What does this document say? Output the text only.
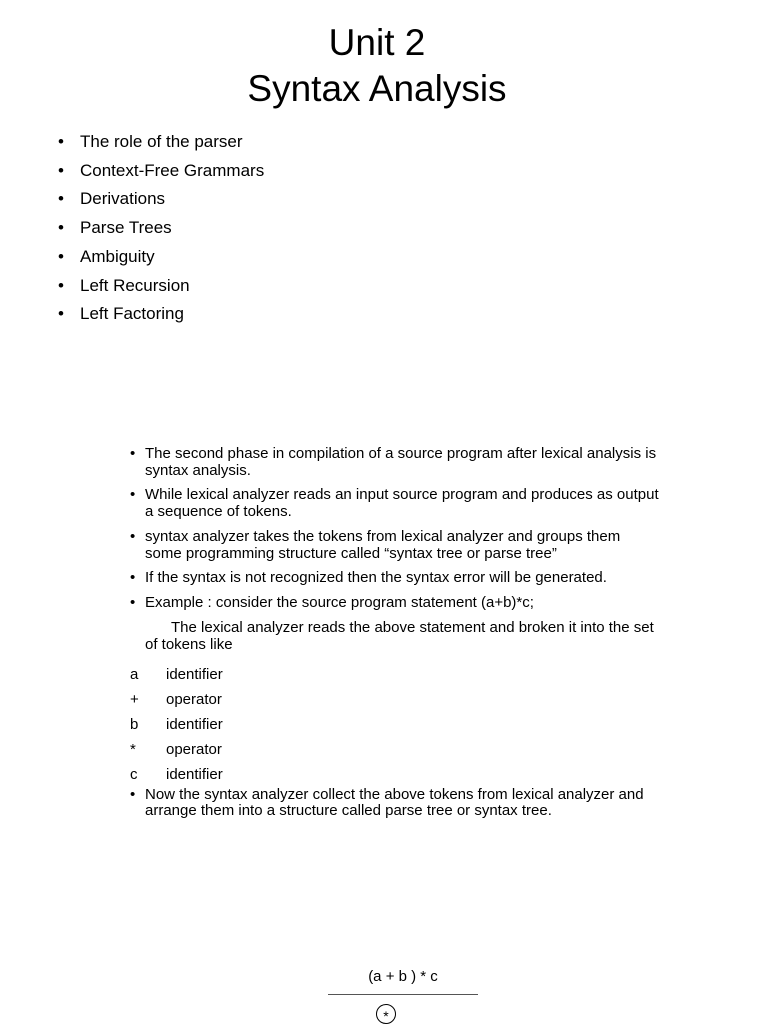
Unit 2
Syntax Analysis
• The role of the parser
• Context-Free Grammars
• Derivations
• Parse Trees
• Ambiguity
• Left Recursion
• Left Factoring
• The second phase in compilation of a source program after lexical analysis is syntax analysis.
• While lexical analyzer reads an input source program and produces as output a sequence of tokens.
• syntax analyzer takes the tokens from lexical analyzer and groups them some programming structure called “syntax tree or parse tree”
• If the syntax is not recognized then the syntax error will be generated.
• Example : consider the source program statement (a+b)*c;
The lexical analyzer reads the above statement and broken it into the set of tokens like
a	identifier
+	operator
b	identifier
*	operator
c	identifier
• Now the syntax analyzer collect the above tokens from lexical analyzer and arrange them into a structure called parse tree or syntax tree.
(a + b ) * c
*
